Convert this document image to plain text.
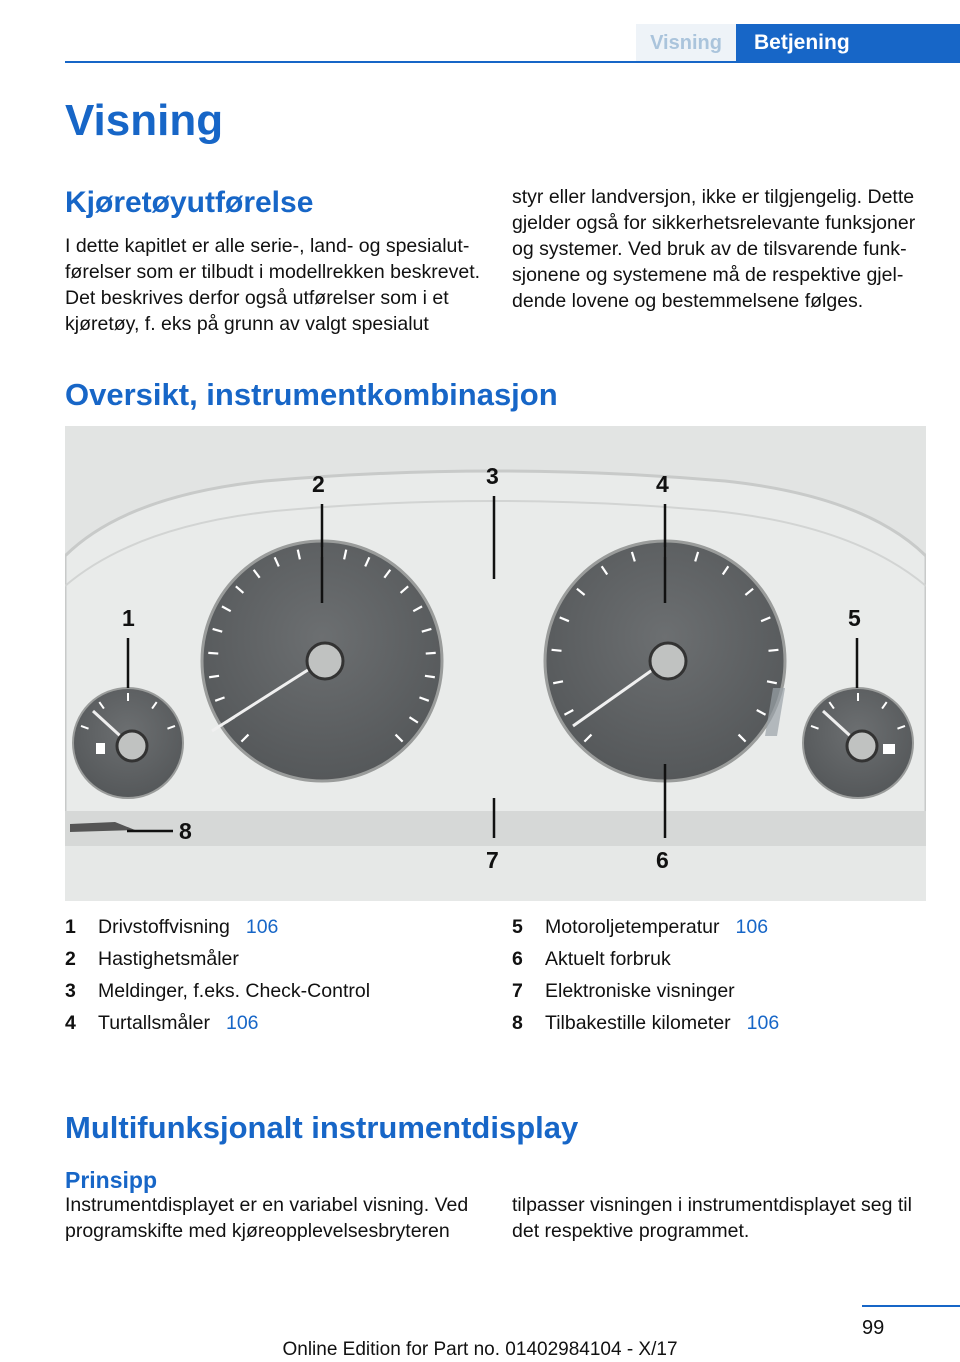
Visning	Betjening
Visning
Kjøretøyutførelse

I dette kapitlet er alle serie-, land- og spesialutførelser som er tilbudt i modellrekken beskrevet. Det beskrives derfor også utførelser som i et kjøretøy, f. eks på grunn av valgt spesialut

styr eller landversjon, ikke er tilgjengelig. Dette gjelder også for sikkerhetsrelevante funksjoner og systemer. Ved bruk av de tilsvarende funksjonene og systemene må de respektive gjeldende lovene og bestemmelsene følges.

Oversikt, instrumentkombinasjon
1
2	3	4
5
6
7
8
1	Drivstoffvisning 106
2	Hastighetsmåler
3	Meldinger, f.eks. Check-Control
4	Turtallsmåler 106
5	Motoroljetemperatur 106
6	Aktuelt forbruk
7	Elektroniske visninger
8	Tilbakestille kilometer 106
Multifunksjonalt instrumentdisplay
Prinsipp

Instrumentdisplayet er en variabel visning. Ved programskifte med kjøreopplevelsesbryteren

tilpasser visningen i instrumentdisplayet seg til det respektive programmet.

99
Online Edition for Part no. 01402984104 - X/17
